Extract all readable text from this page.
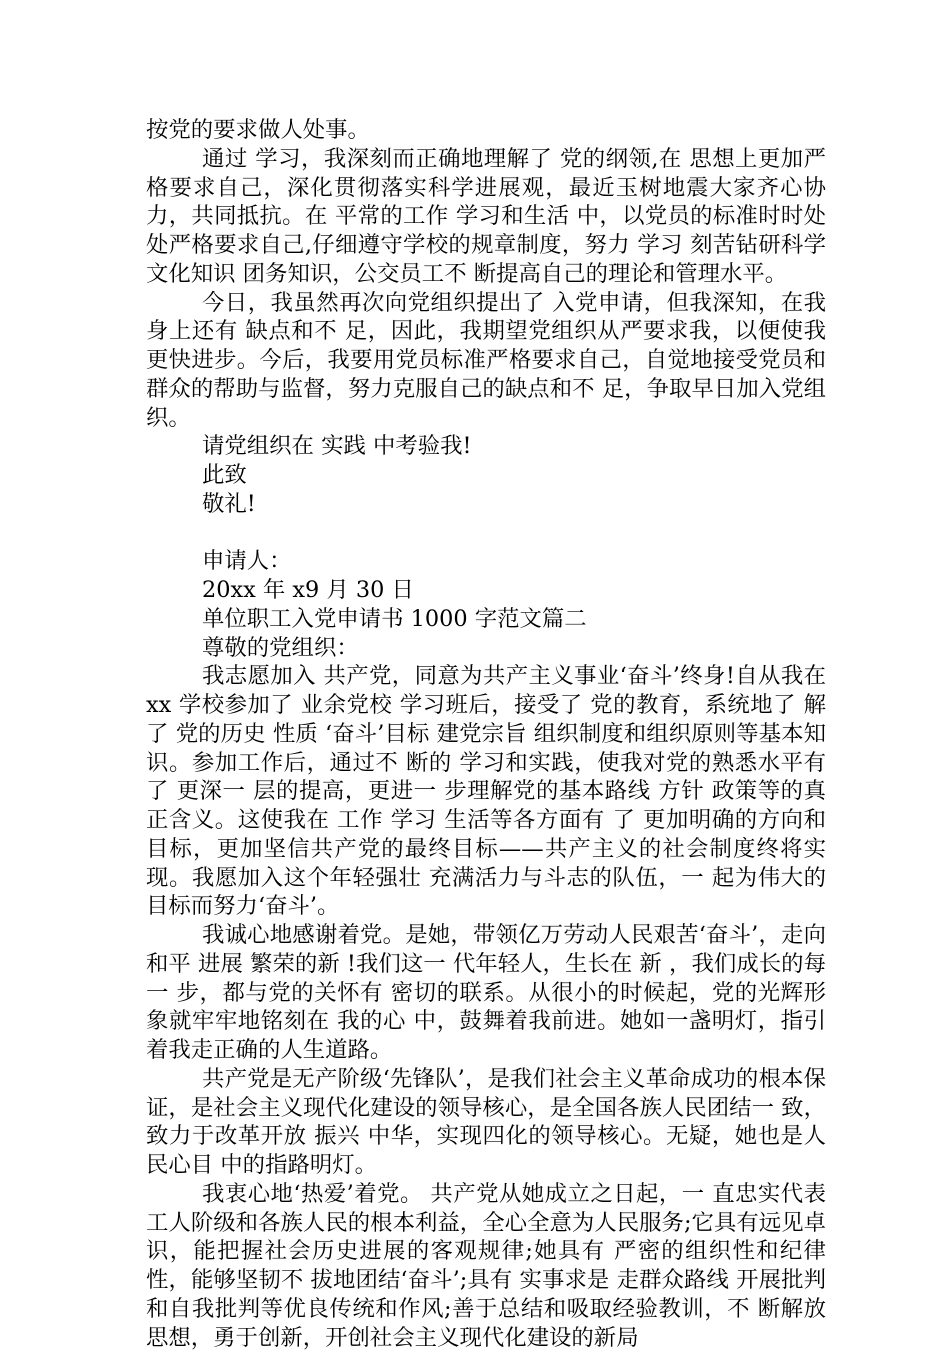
按党的要求做人处事。

通过 学习，我深刻而正确地理解了 党的纲领,在 思想上更加严格要求自己，深化贯彻落实科学进展观，最近玉树地震大家齐心协力，共同抵抗。在 平常的工作 学习和生活 中，以党员的标准时时处处严格要求自己,仔细遵守学校的规章制度，努力 学习 刻苦钻研科学文化知识 团务知识，公交员工不 断提高自己的理论和管理水平。

今日，我虽然再次向党组织提出了 入党申请，但我深知，在我身上还有 缺点和不 足，因此，我期望党组织从严要求我，以便使我更快进步。今后，我要用党员标准严格要求自己，自觉地接受党员和群众的帮助与监督，努力克服自己的缺点和不 足，争取早日加入党组织。

请党组织在 实践 中考验我!

此致

敬礼!

申请人：

20xx 年 x9 月 30 日

单位职工入党申请书 1000 字范文篇二

尊敬的党组织：

我志愿加入 共产党，同意为共产主义事业‘奋斗’终身!自从我在 xx 学校参加了 业余党校 学习班后，接受了 党的教育，系统地了 解了 党的历史 性质 ‘奋斗’目标 建党宗旨 组织制度和组织原则等基本知识。参加工作后，通过不 断的 学习和实践，使我对党的熟悉水平有 了 更深一 层的提高，更进一 步理解党的基本路线 方针 政策等的真正含义。这使我在 工作 学习 生活等各方面有 了 更加明确的方向和目标，更加坚信共产党的最终目标——共产主义的社会制度终将实现。我愿加入这个年轻强壮 充满活力与斗志的队伍，一 起为伟大的目标而努力‘奋斗’。

我诚心地感谢着党。是她，带领亿万劳动人民艰苦‘奋斗’，走向和平 进展 繁荣的新 !我们这一 代年轻人，生长在 新 ，我们成长的每一 步，都与党的关怀有 密切的联系。从很小的时候起，党的光辉形象就牢牢地铭刻在 我的心 中，鼓舞着我前进。她如一盏明灯，指引着我走正确的人生道路。

共产党是无产阶级‘先锋队’，是我们社会主义革命成功的根本保证，是社会主义现代化建设的领导核心，是全国各族人民团结一 致，致力于改革开放 振兴 中华，实现四化的领导核心。无疑，她也是人民心目 中的指路明灯。

我衷心地‘热爱’着党。 共产党从她成立之日起，一 直忠实代表工人阶级和各族人民的根本利益，全心全意为人民服务;它具有远见卓识，能把握社会历史进展的客观规律;她具有 严密的组织性和纪律性，能够坚韧不 拔地团结‘奋斗’;具有 实事求是 走群众路线 开展批判和自我批判等优良传统和作风;善于总结和吸取经验教训，不 断解放思想，勇于创新，开创社会主义现代化建设的新局
